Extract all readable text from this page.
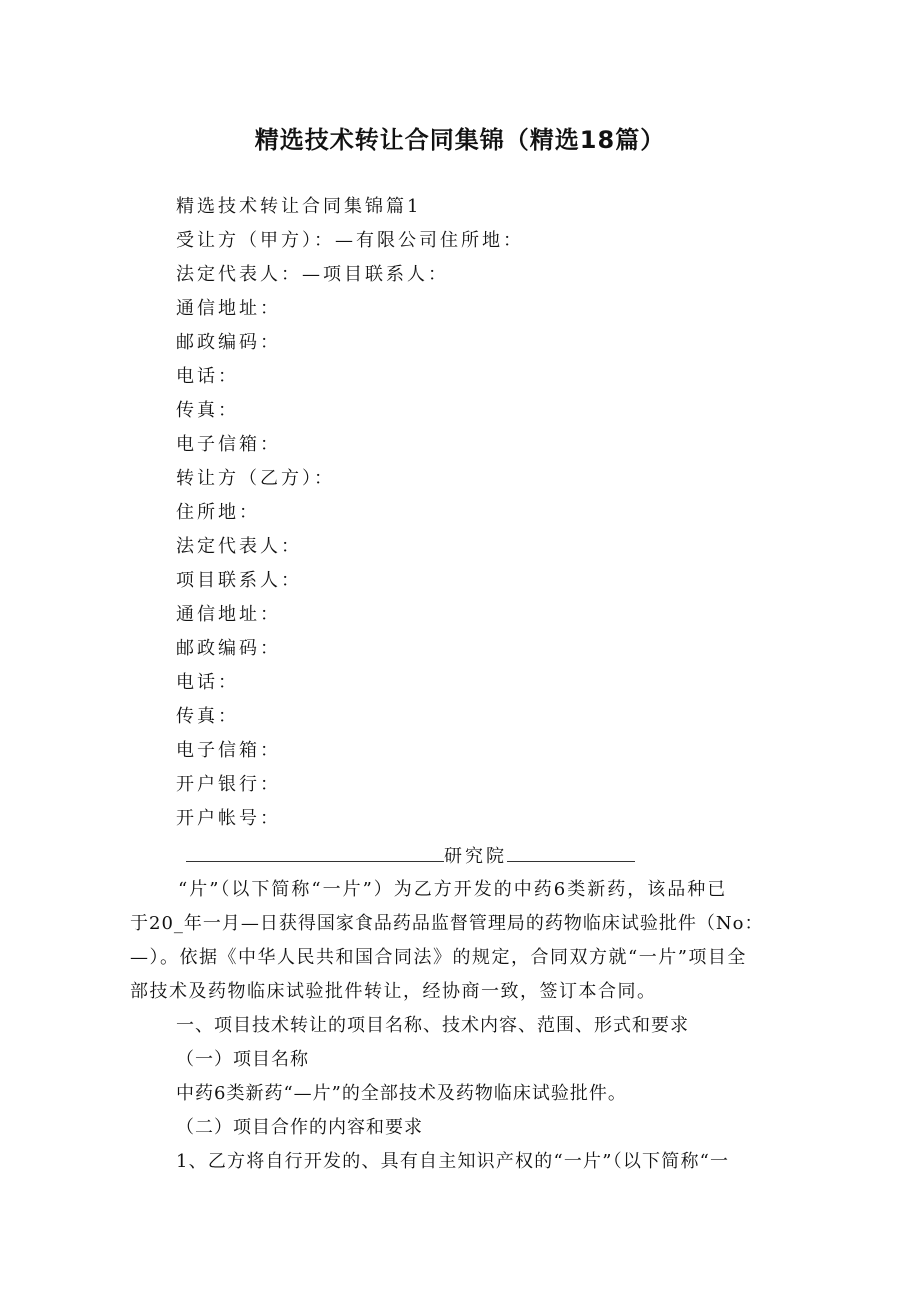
精选技术转让合同集锦（精选18篇）
精选技术转让合同集锦篇1
受让方（甲方）：—有限公司住所地：
法定代表人：—项目联系人：
通信地址：
邮政编码：
电话：
传真：
电子信箱：
转让方（乙方）：
住所地：
法定代表人：
项目联系人：
通信地址：
邮政编码：
电话：
传真：
电子信箱：
开户银行：
开户帐号：
研究院
“片”（以下简称“一片”）为乙方开发的中药6类新药，该品种已
于20_年一月—日获得国家食品药品监督管理局的药物临床试验批件（No：
—）。依据《中华人民共和国合同法》的规定，合同双方就“一片”项目全
部技术及药物临床试验批件转让，经协商一致，签订本合同。
一、项目技术转让的项目名称、技术内容、范围、形式和要求
（一）项目名称
中药6类新药“—片”的全部技术及药物临床试验批件。
（二）项目合作的内容和要求
1、乙方将自行开发的、具有自主知识产权的“一片”（以下简称“一
